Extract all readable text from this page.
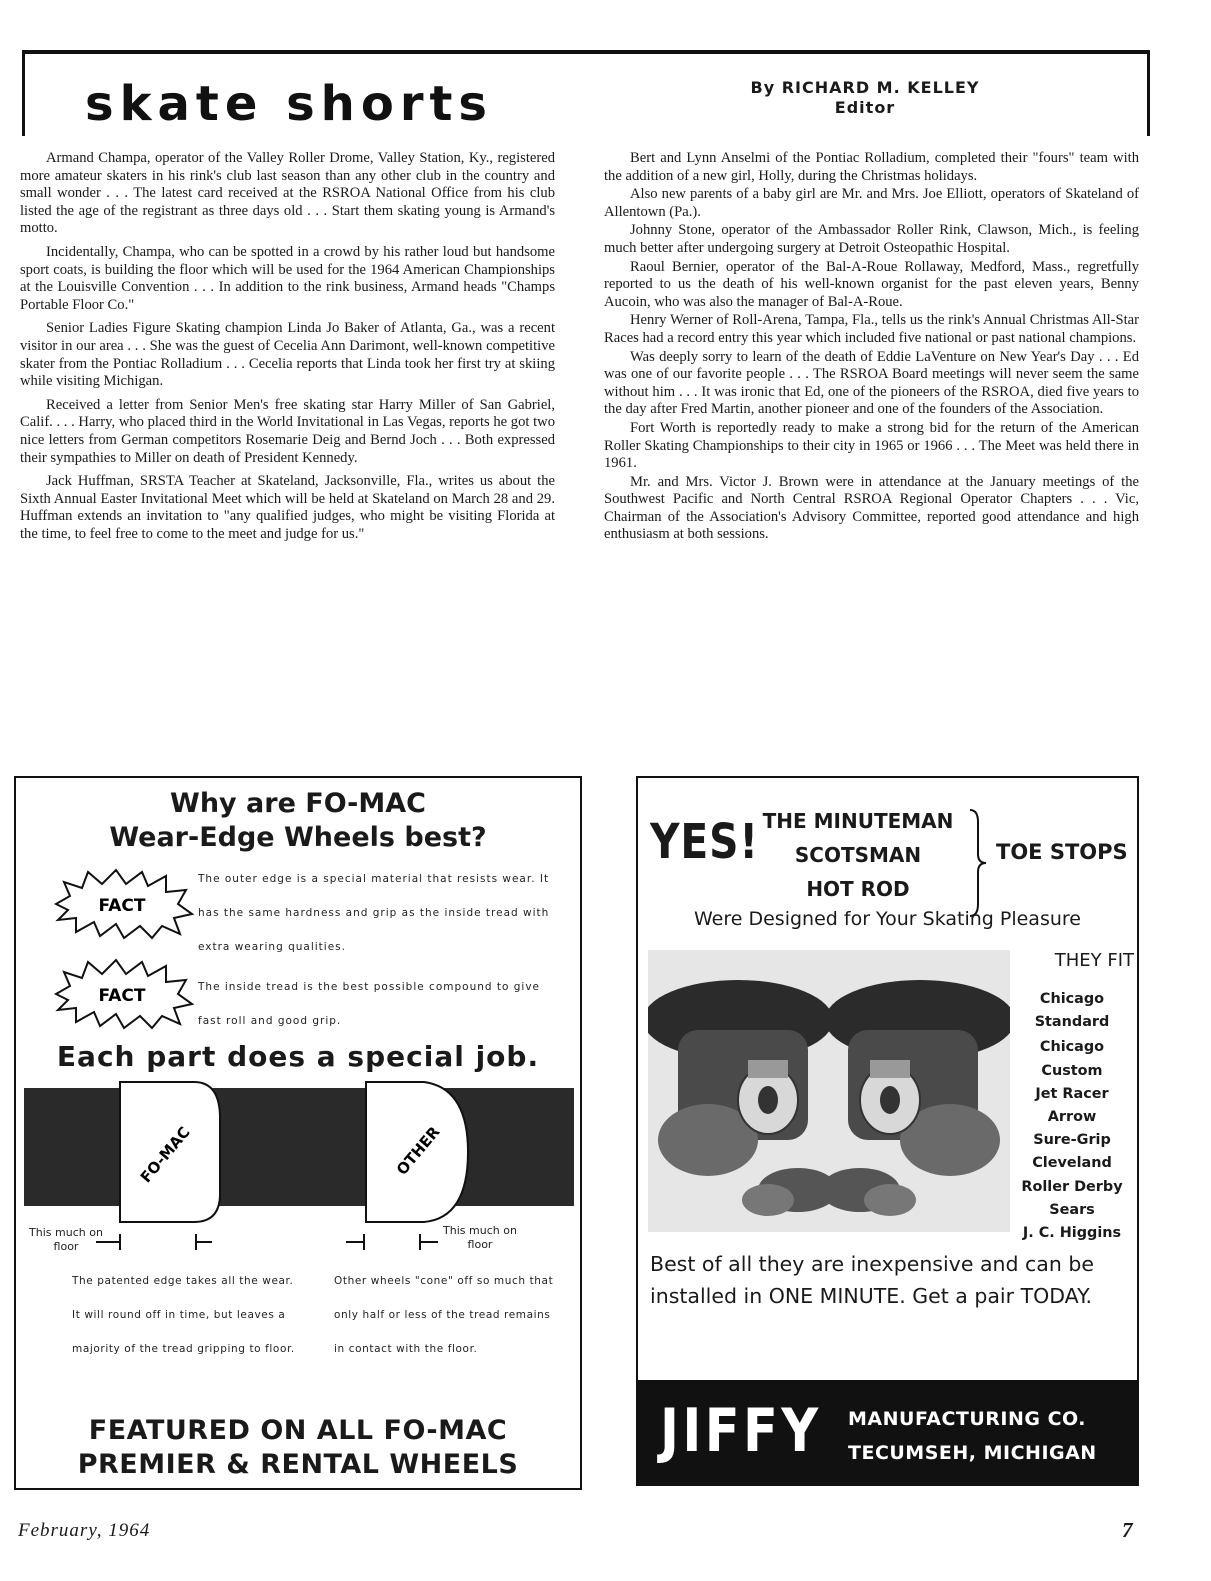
skate shorts	By RICHARD M. KELLEY
Editor

Armand Champa, operator of the Valley Roller Drome, Valley Station, Ky., registered more amateur skaters in his rink's club last season than any other club in the country and small wonder . . . The latest card received at the RSROA National Office from his club listed the age of the registrant as three days old . . . Start them skating young is Armand's motto.

Incidentally, Champa, who can be spotted in a crowd by his rather loud but handsome sport coats, is building the floor which will be used for the 1964 American Championships at the Louisville Convention . . . In addition to the rink business, Armand heads "Champs Portable Floor Co."

Senior Ladies Figure Skating champion Linda Jo Baker of Atlanta, Ga., was a recent visitor in our area . . . She was the guest of Cecelia Ann Darimont, well-known competitive skater from the Pontiac Rolladium . . . Cecelia reports that Linda took her first try at skiing while visiting Michigan.

Received a letter from Senior Men's free skating star Harry Miller of San Gabriel, Calif. . . . Harry, who placed third in the World Invitational in Las Vegas, reports he got two nice letters from German competitors Rosemarie Deig and Bernd Joch . . . Both expressed their sympathies to Miller on death of President Kennedy.

Jack Huffman, SRSTA Teacher at Skateland, Jacksonville, Fla., writes us about the Sixth Annual Easter Invitational Meet which will be held at Skateland on March 28 and 29. Huffman extends an invitation to "any qualified judges, who might be visiting Florida at the time, to feel free to come to the meet and judge for us."

Bert and Lynn Anselmi of the Pontiac Rolladium, completed their "fours" team with the addition of a new girl, Holly, during the Christmas holidays.

Also new parents of a baby girl are Mr. and Mrs. Joe Elliott, operators of Skateland of Allentown (Pa.).

Johnny Stone, operator of the Ambassador Roller Rink, Clawson, Mich., is feeling much better after undergoing surgery at Detroit Osteopathic Hospital.

Raoul Bernier, operator of the Bal-A-Roue Rollaway, Medford, Mass., regretfully reported to us the death of his well-known organist for the past eleven years, Benny Aucoin, who was also the manager of Bal-A-Roue.

Henry Werner of Roll-Arena, Tampa, Fla., tells us the rink's Annual Christmas All-Star Races had a record entry this year which included five national or past national champions.

Was deeply sorry to learn of the death of Eddie LaVenture on New Year's Day . . . Ed was one of our favorite people . . . The RSROA Board meetings will never seem the same without him . . . It was ironic that Ed, one of the pioneers of the RSROA, died five years to the day after Fred Martin, another pioneer and one of the founders of the Association.

Fort Worth is reportedly ready to make a strong bid for the return of the American Roller Skating Championships to their city in 1965 or 1966 . . . The Meet was held there in 1961.

Mr. and Mrs. Victor J. Brown were in attendance at the January meetings of the Southwest Pacific and North Central RSROA Regional Operator Chapters . . . Vic, Chairman of the Association's Advisory Committee, reported good attendance and high enthusiasm at both sessions.

Why are FO-MAC
Wear-Edge Wheels best?
FACT
The outer edge is a special material that resists wear. It has the same hardness and grip as the inside tread with extra wearing qualities.
FACT	The inside tread is the best possible compound to give fast roll and good grip.
Each part does a special job.
FO-MAC	OTHER
This much on floor
This much on floor
The patented edge takes all the wear. It will round off in time, but leaves a majority of the tread gripping to floor.
Other wheels "cone" off so much that only half or less of the tread remains in contact with the floor.
FEATURED ON ALL FO-MAC
PREMIER & RENTAL WHEELS
YES! THE MINUTEMAN
SCOTSMAN
HOT ROD
TOE STOPS
Were Designed for Your Skating Pleasure
THEY FIT
Chicago
Standard
Chicago
Custom
Jet Racer
Arrow
Sure-Grip
Cleveland
Roller Derby
Sears
J. C. Higgins
Best of all they are inexpensive and can be installed in ONE MINUTE. Get a pair TODAY.
JIFFY MANUFACTURING CO.
TECUMSEH, MICHIGAN
February, 1964	7
